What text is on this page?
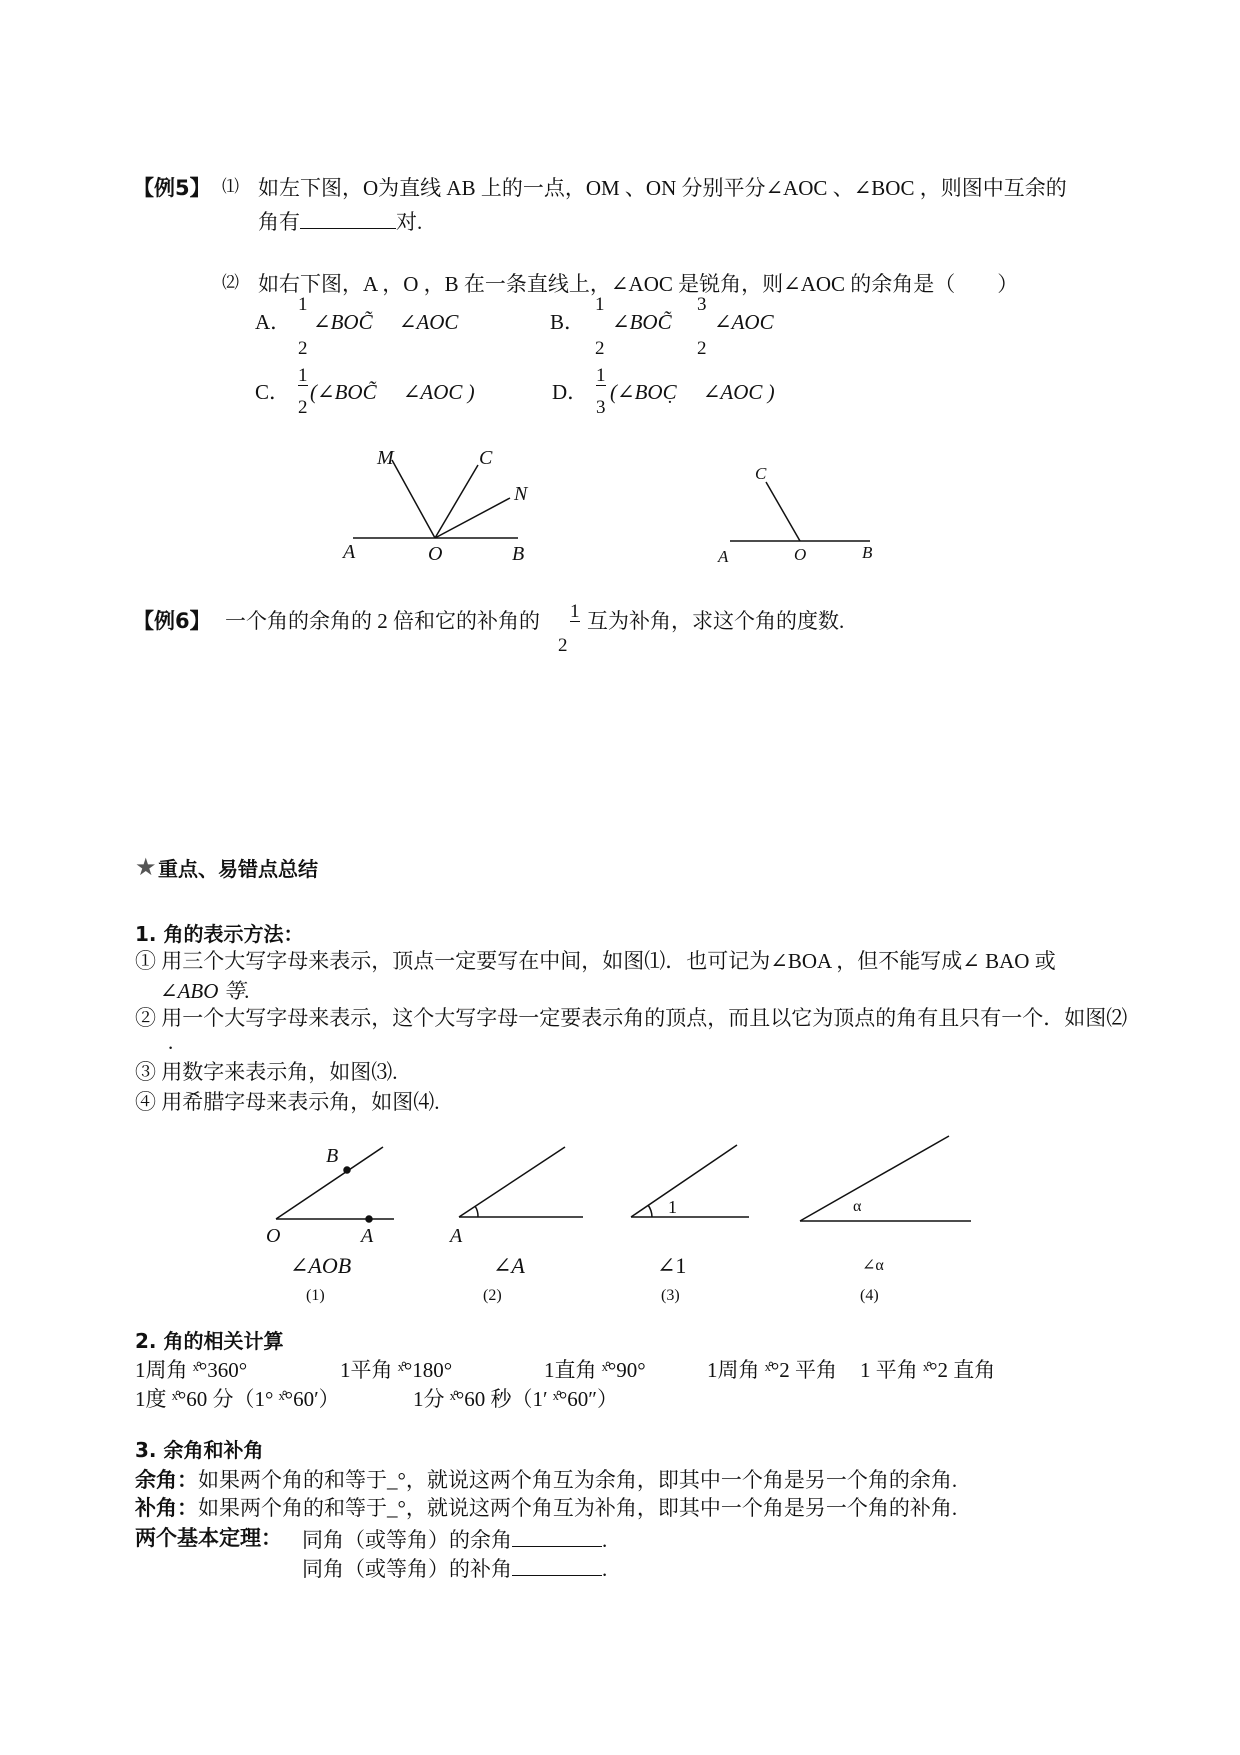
【例5】 ⑴ 如左下图，O为直线 AB 上的一点，OM 、ON 分别平分∠AOC 、∠BOC ，则图中互余的
角有	对.
⑵ 如右下图，A ，O ，B 在一条直线上，∠AOC 是锐角，则∠AOC 的余角是（　　）
A．
1
2
∠BOC̃ 　∠AOC	B．
1
2
∠BOC̃
3
2
∠AOC
C．
1
2
(∠BOC̃ 　∠AOC )	D．
1
3
(∠BOC̣ 　∠AOC )
M	C
N
A	O	B
C
A	O	B
【例6】 一个角的余角的 2 倍和它的补角的 1
2
互为补角，求这个角的度数.
★ 重点、易错点总结
1. 角的表示方法：
① 用三个大写字母来表示，顶点一定要写在中间，如图⑴．也可记为∠BOA ，但不能写成∠ BAO 或
∠ABO 等.
② 用一个大写字母来表示，这个大写字母一定要表示角的顶点，而且以它为顶点的角有且只有一个．如图⑵
.
③ 用数字来表示角，如图⑶.
④ 用希腊字母来表示角，如图⑷.
B
O	A	A
1	α
∠AOB	∠A	∠1	∠α
(1)	(2)	(3)	(4)
2. 角的相关计算
1周角 ˣ̊°360°	1平角 ˣ̊°180°	1直角 ˣ̊°90°	1周角 ˣ̊°2 平角 1 平角 ˣ̊°2 直角
1度 ˣ̊°60 分（1° ˣ̊°60′）	1分 ˣ̊°60 秒（1′ ˣ̊°60″）
3. 余角和补角
余角：如果两个角的和等于_°，就说这两个角互为余角，即其中一个角是另一个角的余角.
补角：如果两个角的和等于_°，就说这两个角互为补角，即其中一个角是另一个角的补角.
两个基本定理： 同角（或等角）的余角	.
同角（或等角）的补角	.
